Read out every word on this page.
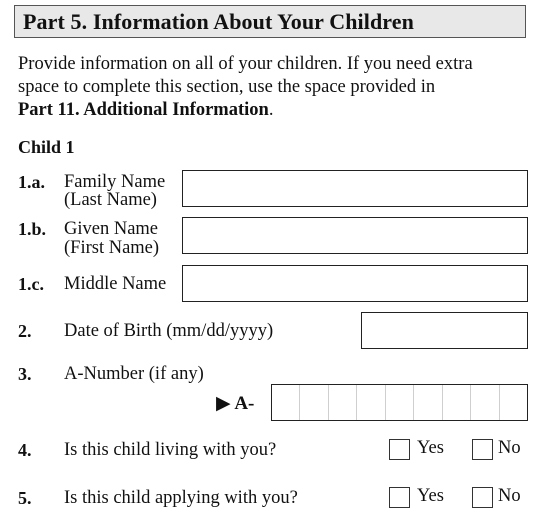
Part 5. Information About Your Children
Provide information on all of your children. If you need extra
space to complete this section, use the space provided in
Part 11. Additional Information.
Child 1
1.a. Family Name
(Last Name)
1.b. Given Name
(First Name)
1.c. Middle Name
2. Date of Birth (mm/dd/yyyy)
3. A-Number (if any)
▶ A-
4. Is this child living with you?	Yes	No
5. Is this child applying with you?	Yes	No
